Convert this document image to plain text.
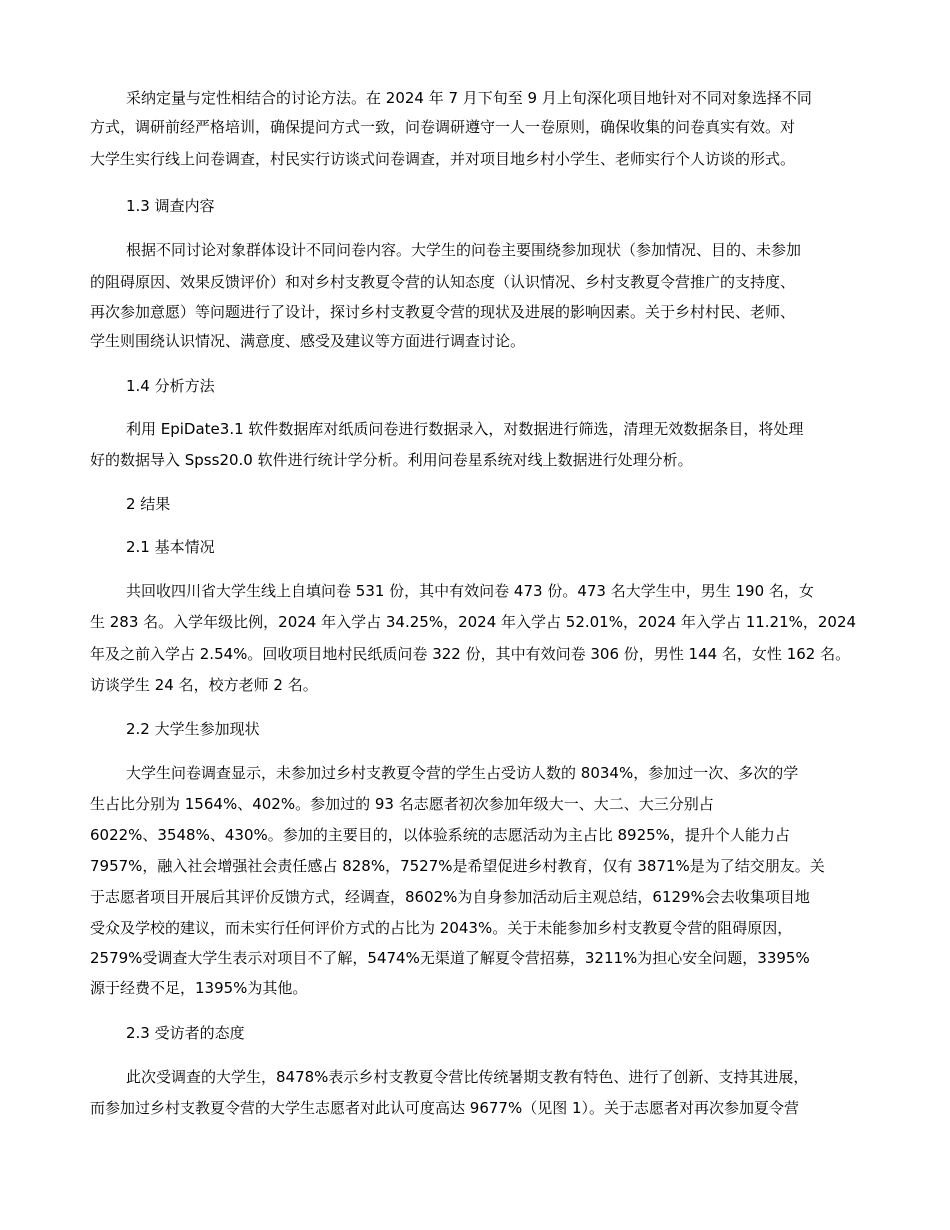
采纳定量与定性相结合的讨论方法。在 2024 年 7 月下旬至 9 月上旬深化项目地针对不同对象选择不同
方式，调研前经严格培训，确保提问方式一致，问卷调研遵守一人一卷原则，确保收集的问卷真实有效。对
大学生实行线上问卷调查，村民实行访谈式问卷调查，并对项目地乡村小学生、老师实行个人访谈的形式。
1.3 调查内容
根据不同讨论对象群体设计不同问卷内容。大学生的问卷主要围绕参加现状（参加情况、目的、未参加
的阻碍原因、效果反馈评价）和对乡村支教夏令营的认知态度（认识情况、乡村支教夏令营推广的支持度、
再次参加意愿）等问题进行了设计，探讨乡村支教夏令营的现状及进展的影响因素。关于乡村村民、老师、
学生则围绕认识情况、满意度、感受及建议等方面进行调查讨论。
1.4 分析方法
利用 EpiDate3.1 软件数据库对纸质问卷进行数据录入，对数据进行筛选，清理无效数据条目，将处理
好的数据导入 Spss20.0 软件进行统计学分析。利用问卷星系统对线上数据进行处理分析。
2 结果
2.1 基本情况
共回收四川省大学生线上自填问卷 531 份，其中有效问卷 473 份。473 名大学生中，男生 190 名，女
生 283 名。入学年级比例，2024 年入学占 34.25%，2024 年入学占 52.01%，2024 年入学占 11.21%，2024
年及之前入学占 2.54%。回收项目地村民纸质问卷 322 份，其中有效问卷 306 份，男性 144 名，女性 162 名。
访谈学生 24 名，校方老师 2 名。
2.2 大学生参加现状
大学生问卷调查显示，未参加过乡村支教夏令营的学生占受访人数的 8034%，参加过一次、多次的学
生占比分别为 1564%、402%。参加过的 93 名志愿者初次参加年级大一、大二、大三分别占
6022%、3548%、430%。参加的主要目的，以体验系统的志愿活动为主占比 8925%，提升个人能力占
7957%，融入社会增强社会责任感占 828%，7527%是希望促进乡村教育，仅有 3871%是为了结交朋友。关
于志愿者项目开展后其评价反馈方式，经调查，8602%为自身参加活动后主观总结，6129%会去收集项目地
受众及学校的建议，而未实行任何评价方式的占比为 2043%。关于未能参加乡村支教夏令营的阻碍原因，
2579%受调查大学生表示对项目不了解，5474%无渠道了解夏令营招募，3211%为担心安全问题，3395%
源于经费不足，1395%为其他。
2.3 受访者的态度
此次受调查的大学生，8478%表示乡村支教夏令营比传统暑期支教有特色、进行了创新、支持其进展，
而参加过乡村支教夏令营的大学生志愿者对此认可度高达 9677%（见图 1）。关于志愿者对再次参加夏令营
